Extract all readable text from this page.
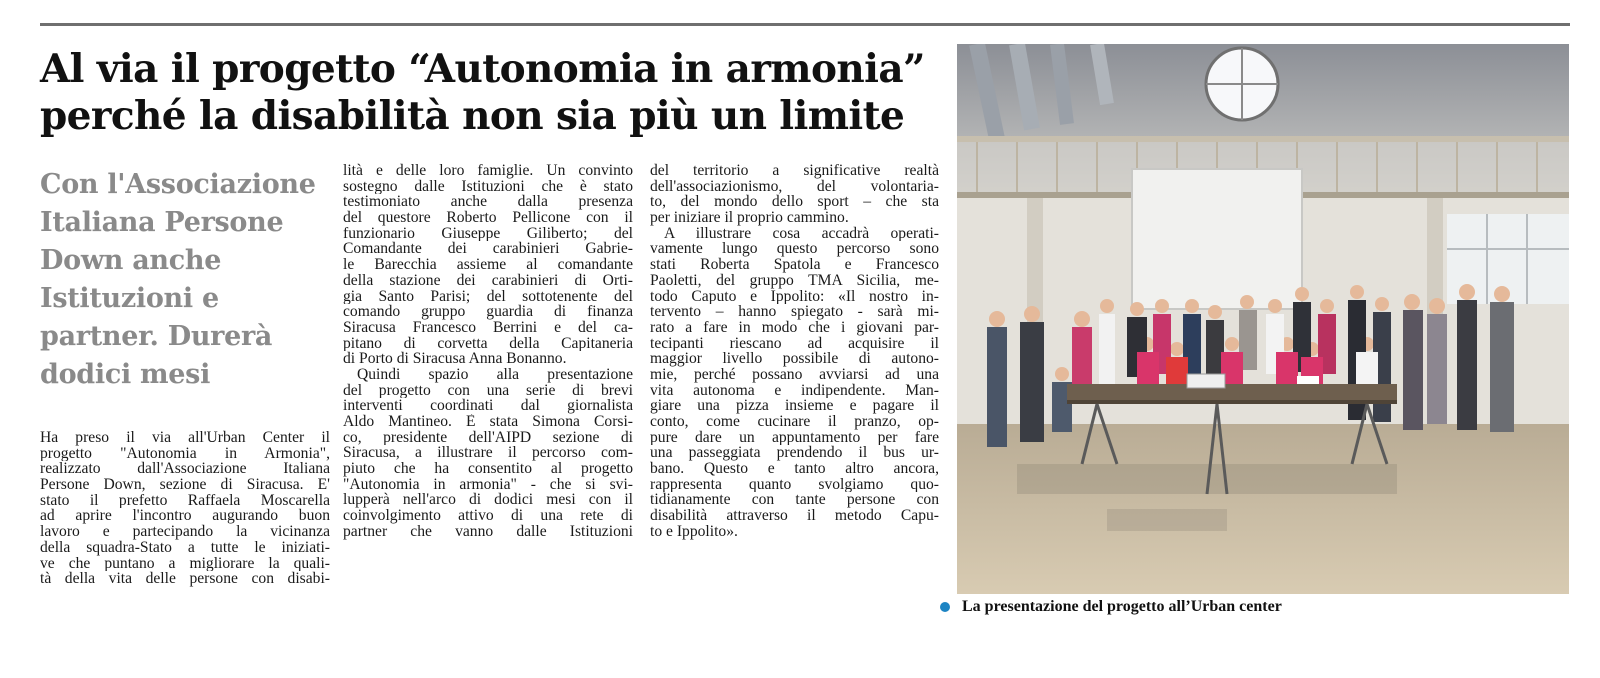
Al via il progetto “Autonomia in armonia”
perché la disabilità non sia più un limite
Con l'Associazione
Italiana Persone
Down anche
Istituzioni e
partner. Durerà
dodici mesi
Ha preso il via all'Urban Center il
progetto "Autonomia in Armonia",
realizzato dall'Associazione Italiana
Persone Down, sezione di Siracusa. E'
stato il prefetto Raffaela Moscarella
ad aprire l'incontro augurando buon
lavoro e partecipando la vicinanza
della squadra-Stato a tutte le iniziati-
ve che puntano a migliorare la quali-
tà della vita delle persone con disabi-
lità e delle loro famiglie. Un convinto
sostegno dalle Istituzioni che è stato
testimoniato anche dalla presenza
del questore Roberto Pellicone con il
funzionario Giuseppe Giliberto; del
Comandante dei carabinieri Gabrie-
le Barecchia assieme al comandante
della stazione dei carabinieri di Orti-
gia Santo Parisi; del sottotenente del
comando gruppo guardia di finanza
Siracusa Francesco Berrini e del ca-
pitano di corvetta della Capitaneria
di Porto di Siracusa Anna Bonanno.
Quindi spazio alla presentazione
del progetto con una serie di brevi
interventi coordinati dal giornalista
Aldo Mantineo. È stata Simona Corsi-
co, presidente dell'AIPD sezione di
Siracusa, a illustrare il percorso com-
piuto che ha consentito al progetto
"Autonomia in armonia" - che si svi-
lupperà nell'arco di dodici mesi con il
coinvolgimento attivo di una rete di
partner che vanno dalle Istituzioni
del territorio a significative realtà
dell'associazionismo, del volontaria-
to, del mondo dello sport – che sta
per iniziare il proprio cammino.
A illustrare cosa accadrà operati-
vamente lungo questo percorso sono
stati Roberta Spatola e Francesco
Paoletti, del gruppo TMA Sicilia, me-
todo Caputo e Ippolito: «Il nostro in-
tervento – hanno spiegato - sarà mi-
rato a fare in modo che i giovani par-
tecipanti riescano ad acquisire il
maggior livello possibile di autono-
mie, perché possano avviarsi ad una
vita autonoma e indipendente. Man-
giare una pizza insieme e pagare il
conto, come cucinare il pranzo, op-
pure dare un appuntamento per fare
una passeggiata prendendo il bus ur-
bano. Questo e tanto altro ancora,
rappresenta quanto svolgiamo quo-
tidianamente con tante persone con
disabilità attraverso il metodo Capu-
to e Ippolito».
La presentazione del progetto all’Urban center
